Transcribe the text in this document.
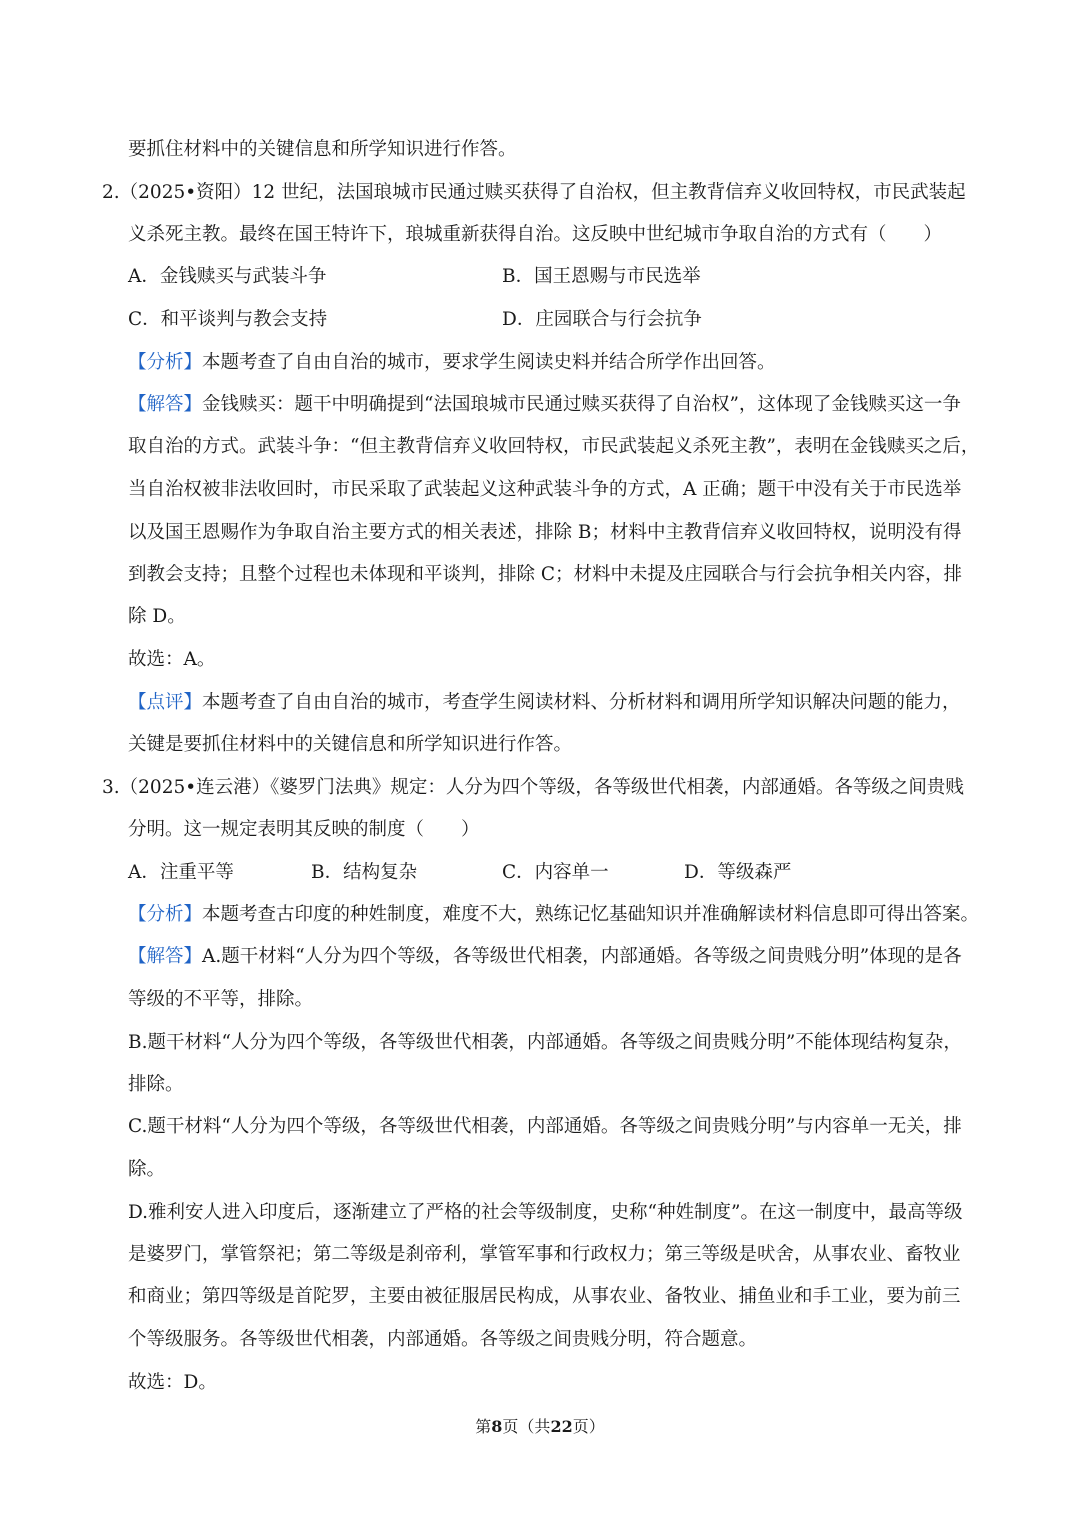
要抓住材料中的关键信息和所学知识进行作答。
2.（2025•资阳）12 世纪，法国琅城市民通过赎买获得了自治权，但主教背信弃义收回特权，市民武装起
义杀死主教。最终在国王特许下，琅城重新获得自治。这反映中世纪城市争取自治的方式有（　　）
A．金钱赎买与武装斗争	B．国王恩赐与市民选举
C．和平谈判与教会支持	D．庄园联合与行会抗争
【分析】本题考查了自由自治的城市，要求学生阅读史料并结合所学作出回答。
【解答】金钱赎买：题干中明确提到“法国琅城市民通过赎买获得了自治权”，这体现了金钱赎买这一争
取自治的方式。武装斗争：“但主教背信弃义收回特权，市民武装起义杀死主教”，表明在金钱赎买之后，
当自治权被非法收回时，市民采取了武装起义这种武装斗争的方式，A 正确；题干中没有关于市民选举
以及国王恩赐作为争取自治主要方式的相关表述，排除 B；材料中主教背信弃义收回特权，说明没有得
到教会支持；且整个过程也未体现和平谈判，排除 C；材料中未提及庄园联合与行会抗争相关内容，排
除 D。
故选：A。
【点评】本题考查了自由自治的城市，考查学生阅读材料、分析材料和调用所学知识解决问题的能力，
关键是要抓住材料中的关键信息和所学知识进行作答。
3.（2025•连云港）《婆罗门法典》规定：人分为四个等级，各等级世代相袭，内部通婚。各等级之间贵贱
分明。这一规定表明其反映的制度（　　）
A．注重平等	B．结构复杂	C．内容单一	D．等级森严
【分析】本题考查古印度的种姓制度，难度不大，熟练记忆基础知识并准确解读材料信息即可得出答案。
【解答】A.题干材料“人分为四个等级，各等级世代相袭，内部通婚。各等级之间贵贱分明”体现的是各
等级的不平等，排除。
B.题干材料“人分为四个等级，各等级世代相袭，内部通婚。各等级之间贵贱分明”不能体现结构复杂，
排除。
C.题干材料“人分为四个等级，各等级世代相袭，内部通婚。各等级之间贵贱分明”与内容单一无关，排
除。
D.雅利安人进入印度后，逐渐建立了严格的社会等级制度，史称“种姓制度”。在这一制度中，最高等级
是婆罗门，掌管祭祀；第二等级是刹帝利，掌管军事和行政权力；第三等级是吠舍，从事农业、畜牧业
和商业；第四等级是首陀罗，主要由被征服居民构成，从事农业、备牧业、捕鱼业和手工业，要为前三
个等级服务。各等级世代相袭，内部通婚。各等级之间贵贱分明，符合题意。
故选：D。
第8页（共22页）
